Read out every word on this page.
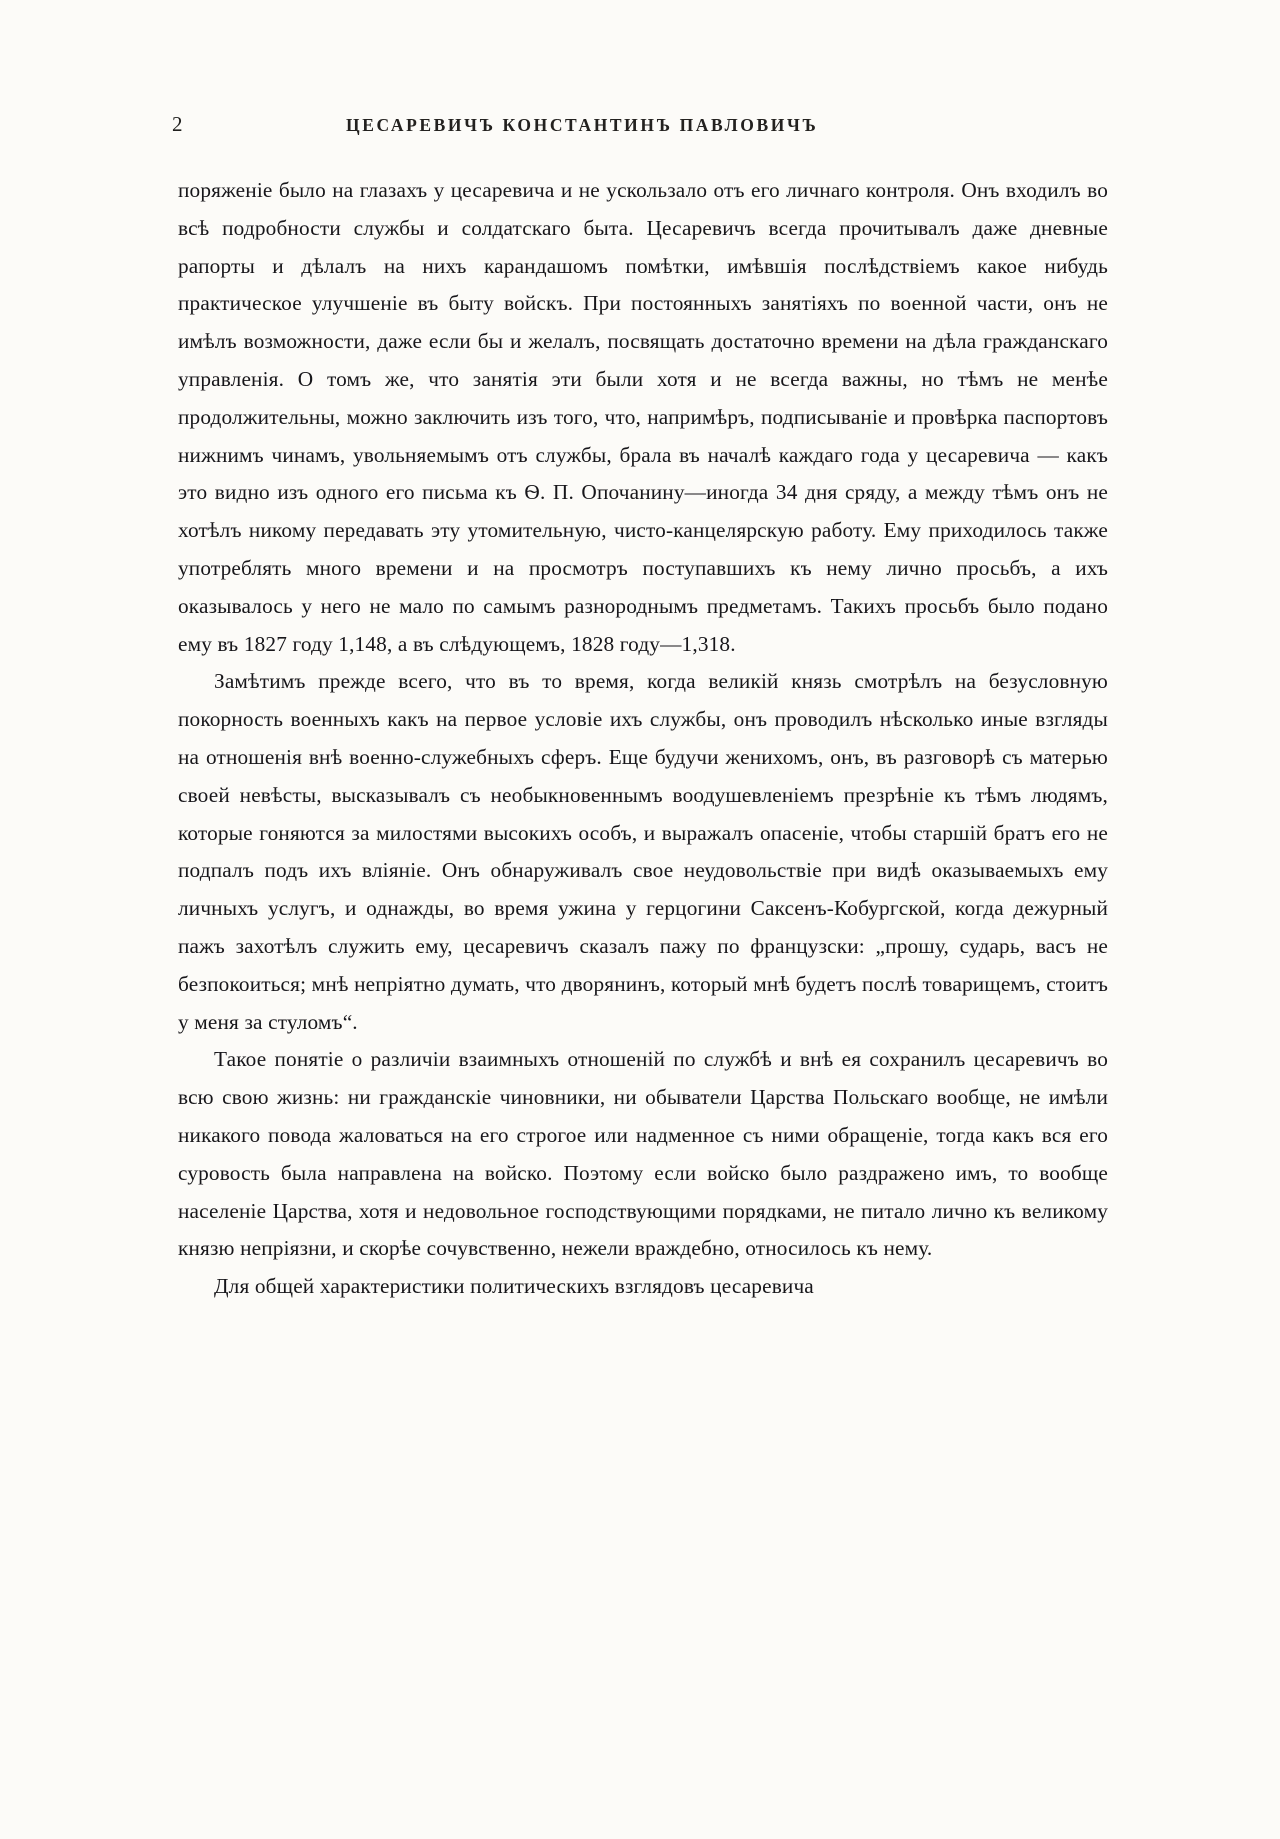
2	ЦЕСАРЕВИЧЪ КОНСТАНТИНЪ ПАВЛОВИЧЪ

поряженіе было на глазахъ у цесаревича и не ускользало отъ его личнаго контроля. Онъ входилъ во всѣ подробности службы и солдатскаго быта. Цесаревичъ всегда прочитывалъ даже дневные рапорты и дѣлалъ на нихъ карандашомъ помѣтки, имѣвшія послѣдствіемъ какое нибудь практическое улучшеніе въ быту войскъ. При постоянныхъ занятіяхъ по военной части, онъ не имѣлъ возможности, даже если бы и желалъ, посвящать достаточно времени на дѣла гражданскаго управленія. О томъ же, что занятія эти были хотя и не всегда важны, но тѣмъ не менѣе продолжительны, можно заключить изъ того, что, напримѣръ, подписываніе и провѣрка паспортовъ нижнимъ чинамъ, увольняемымъ отъ службы, брала въ началѣ каждаго года у цесаревича — какъ это видно изъ одного его письма къ Ѳ. П. Опочанину—иногда 34 дня сряду, а между тѣмъ онъ не хотѣлъ никому передавать эту утомительную, чисто-канцелярскую работу. Ему приходилось также употреблять много времени и на просмотръ поступавшихъ къ нему лично просьбъ, а ихъ оказывалось у него не мало по самымъ разнороднымъ предметамъ. Такихъ просьбъ было подано ему въ 1827 году 1,148, а въ слѣдующемъ, 1828 году—1,318.

Замѣтимъ прежде всего, что въ то время, когда великій князь смотрѣлъ на безусловную покорность военныхъ какъ на первое условіе ихъ службы, онъ проводилъ нѣсколько иные взгляды на отношенія внѣ военно-служебныхъ сферъ. Еще будучи женихомъ, онъ, въ разговорѣ съ матерью своей невѣсты, высказывалъ съ необыкновеннымъ воодушевленіемъ презрѣніе къ тѣмъ людямъ, которые гоняются за милостями высокихъ особъ, и выражалъ опасеніе, чтобы старшій братъ его не подпалъ подъ ихъ вліяніе. Онъ обнаруживалъ свое неудовольствіе при видѣ оказываемыхъ ему личныхъ услугъ, и однажды, во время ужина у герцогини Саксенъ-Кобургской, когда дежурный пажъ захотѣлъ служить ему, цесаревичъ сказалъ пажу по французски: „прошу, сударь, васъ не безпокоиться; мнѣ непріятно думать, что дворянинъ, который мнѣ будетъ послѣ товарищемъ, стоитъ у меня за стуломъ“.

Такое понятіе о различіи взаимныхъ отношеній по службѣ и внѣ ея сохранилъ цесаревичъ во всю свою жизнь: ни гражданскіе чиновники, ни обыватели Царства Польскаго вообще, не имѣли никакого повода жаловаться на его строгое или надменное съ ними обращеніе, тогда какъ вся его суровость была направлена на войско. Поэтому если войско было раздражено имъ, то вообще населеніе Царства, хотя и недовольное господствующими порядками, не питало лично къ великому князю непріязни, и скорѣе сочувственно, нежели враждебно, относилось къ нему.

Для общей характеристики политическихъ взглядовъ цесаревича
